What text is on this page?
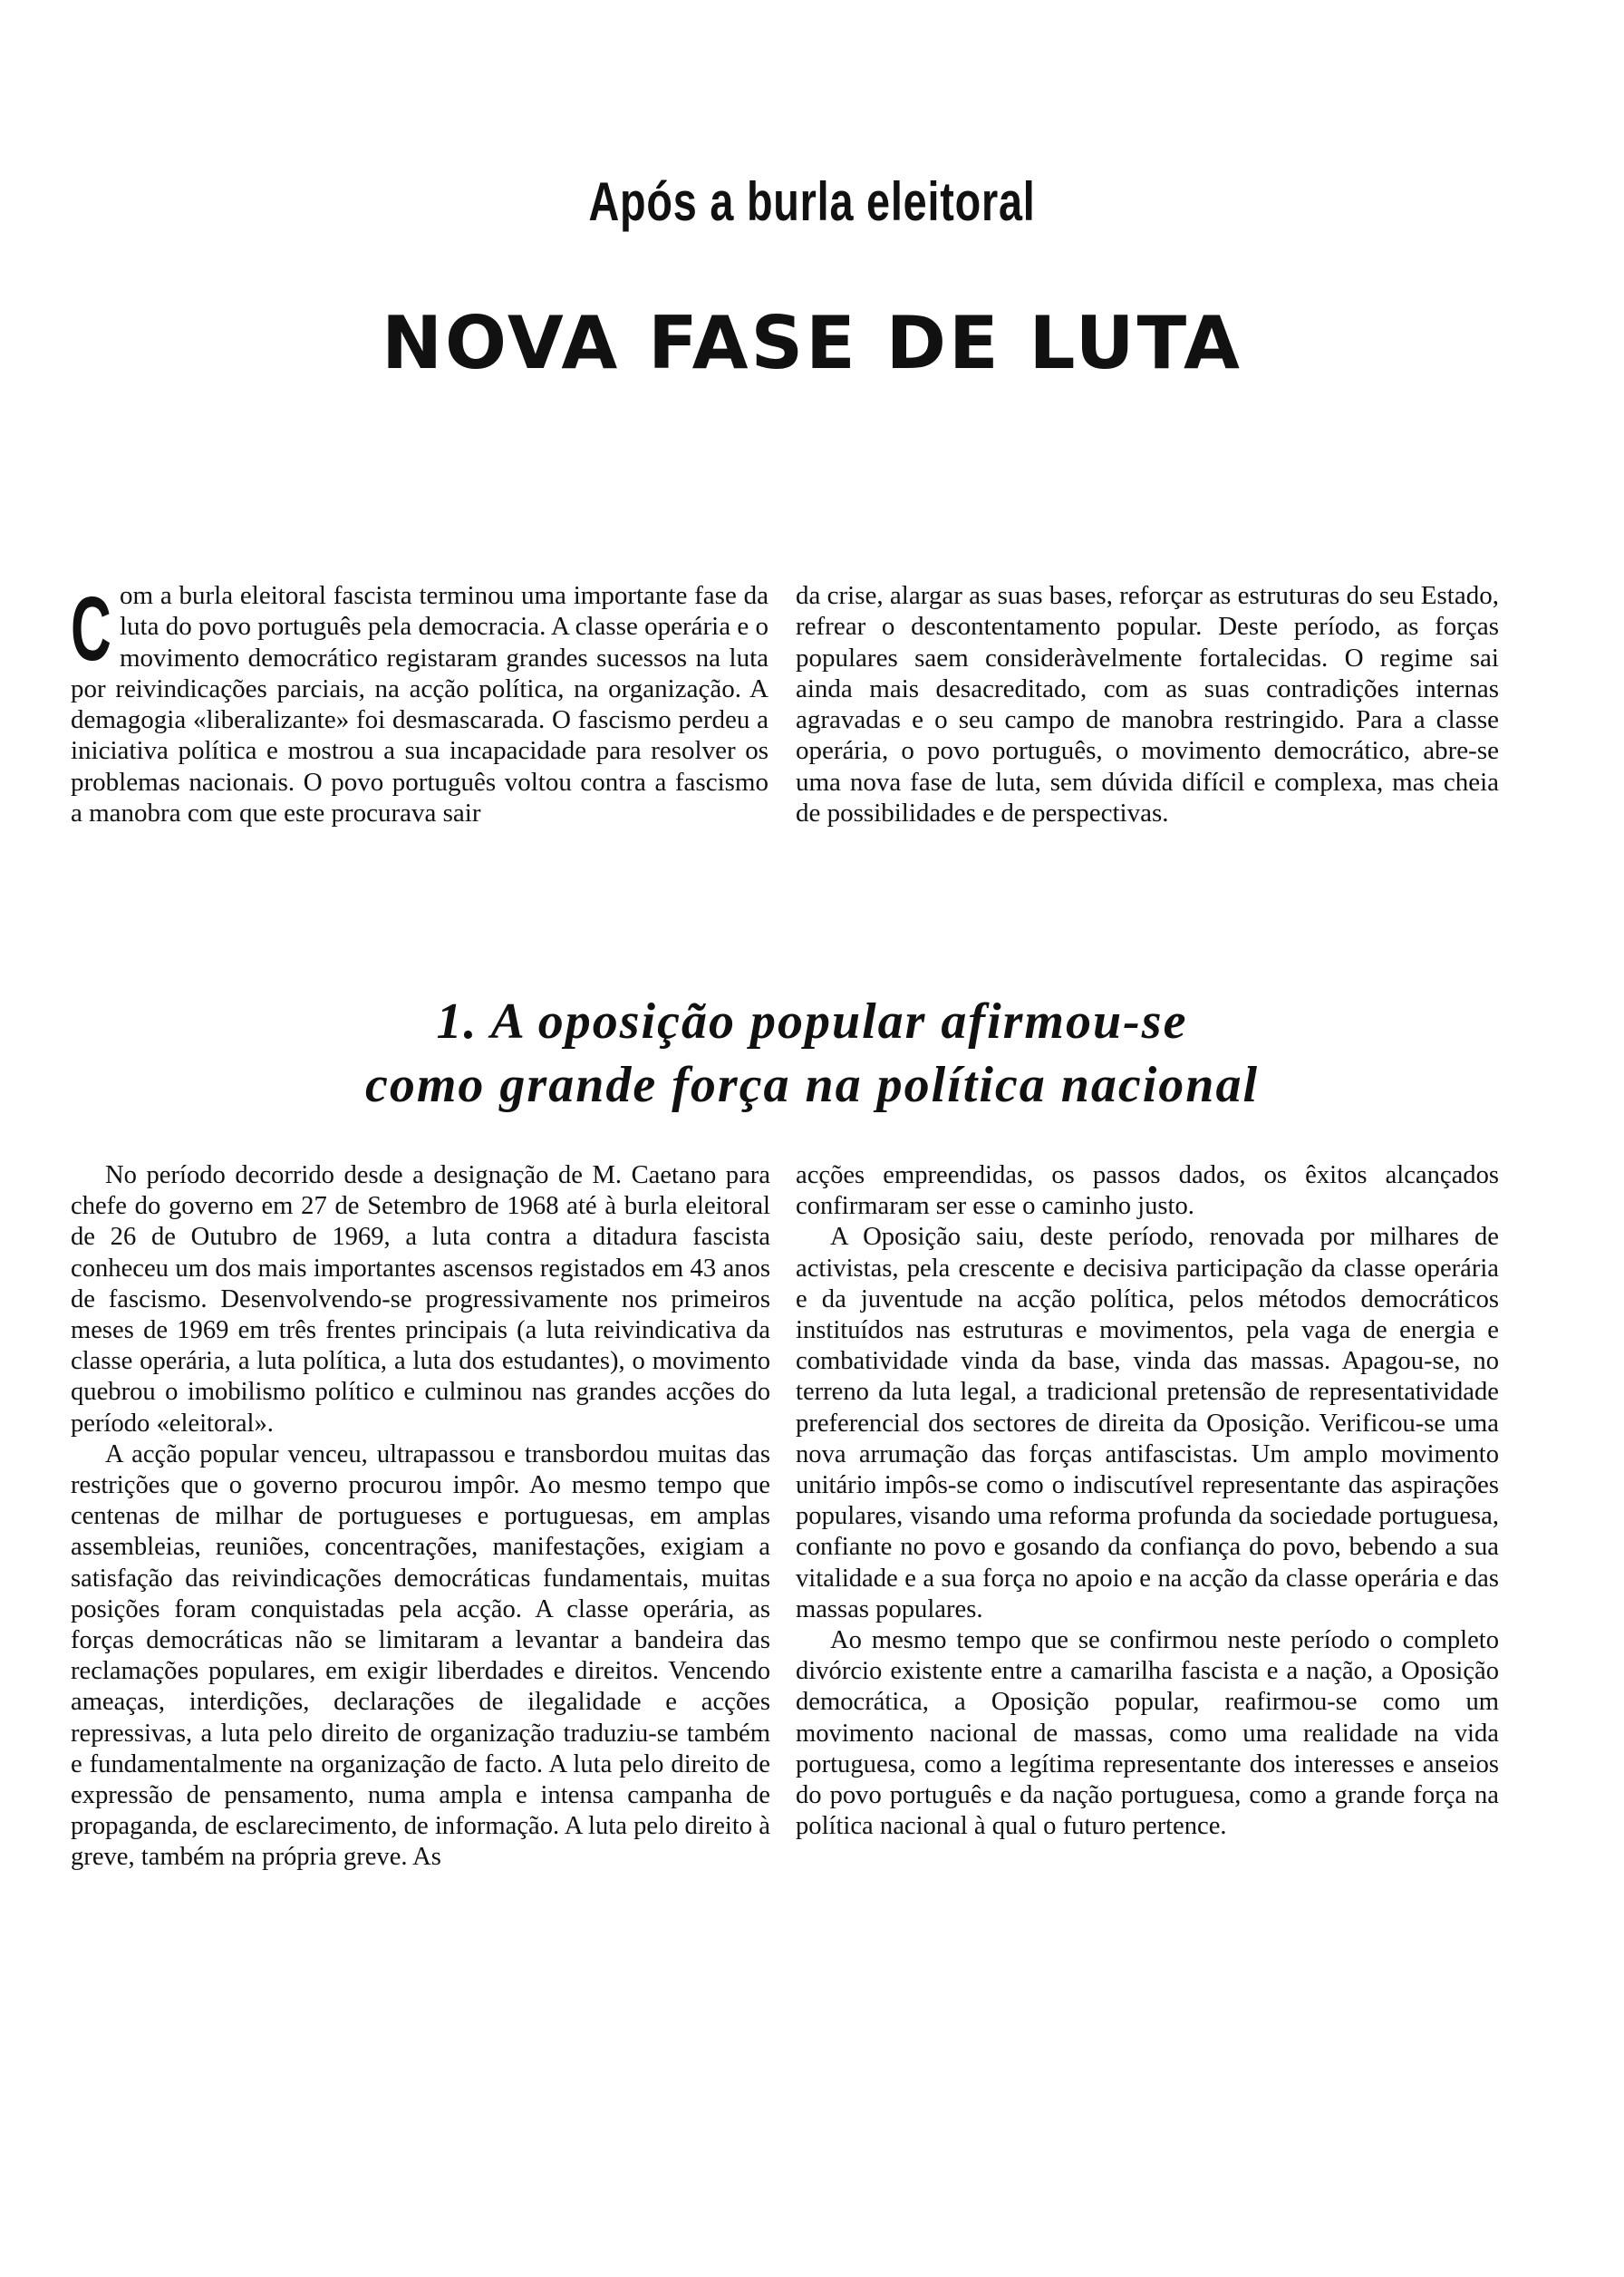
Após a burla eleitoral
NOVA FASE DE LUTA

Com a burla eleitoral fascista terminou uma importante fase da luta do povo português pela democracia. A classe operária e o movimento democrático registaram grandes sucessos na luta por reivindicações parciais, na acção política, na organização. A demagogia «liberalizante» foi desmascarada. O fascismo perdeu a iniciativa política e mostrou a sua incapacidade para resolver os problemas nacionais. O povo português voltou contra a fascismo a manobra com que este procurava sair

da crise, alargar as suas bases, reforçar as estruturas do seu Estado, refrear o descontentamento popular. Deste período, as forças populares saem consideràvelmente fortalecidas. O regime sai ainda mais desacreditado, com as suas contradições internas agravadas e o seu campo de manobra restringido. Para a classe operária, o povo português, o movimento democrático, abre-se uma nova fase de luta, sem dúvida difícil e complexa, mas cheia de possibilidades e de perspectivas.

1. A oposição popular afirmou-se
como grande força na política nacional

No período decorrido desde a designação de M. Caetano para chefe do governo em 27 de Setembro de 1968 até à burla eleitoral de 26 de Outubro de 1969, a luta contra a ditadura fascista conheceu um dos mais importantes ascensos registados em 43 anos de fascismo. Desenvolvendo-se progressivamente nos primeiros meses de 1969 em três frentes principais (a luta reivindicativa da classe operária, a luta política, a luta dos estudantes), o movimento quebrou o imobilismo político e culminou nas grandes acções do período «eleitoral».

A acção popular venceu, ultrapassou e transbordou muitas das restrições que o governo procurou impôr. Ao mesmo tempo que centenas de milhar de portugueses e portuguesas, em amplas assembleias, reuniões, concentrações, manifestações, exigiam a satisfação das reivindicações democráticas fundamentais, muitas posições foram conquistadas pela acção. A classe operária, as forças democráticas não se limitaram a levantar a bandeira das reclamações populares, em exigir liberdades e direitos. Vencendo ameaças, interdições, declarações de ilegalidade e acções repressivas, a luta pelo direito de organização traduziu-se também e fundamentalmente na organização de facto. A luta pelo direito de expressão de pensamento, numa ampla e intensa campanha de propaganda, de esclarecimento, de informação. A luta pelo direito à greve, também na própria greve. As

acções empreendidas, os passos dados, os êxitos alcançados confirmaram ser esse o caminho justo.

A Oposição saiu, deste período, renovada por milhares de activistas, pela crescente e decisiva participação da classe operária e da juventude na acção política, pelos métodos democráticos instituídos nas estruturas e movimentos, pela vaga de energia e combatividade vinda da base, vinda das massas. Apagou-se, no terreno da luta legal, a tradicional pretensão de representatividade preferencial dos sectores de direita da Oposição. Verificou-se uma nova arrumação das forças antifascistas. Um amplo movimento unitário impôs-se como o indiscutível representante das aspirações populares, visando uma reforma profunda da sociedade portuguesa, confiante no povo e gosando da confiança do povo, bebendo a sua vitalidade e a sua força no apoio e na acção da classe operária e das massas populares.

Ao mesmo tempo que se confirmou neste período o completo divórcio existente entre a camarilha fascista e a nação, a Oposição democrática, a Oposição popular, reafirmou-se como um movimento nacional de massas, como uma realidade na vida portuguesa, como a legítima representante dos interesses e anseios do povo português e da nação portuguesa, como a grande força na política nacional à qual o futuro pertence.
